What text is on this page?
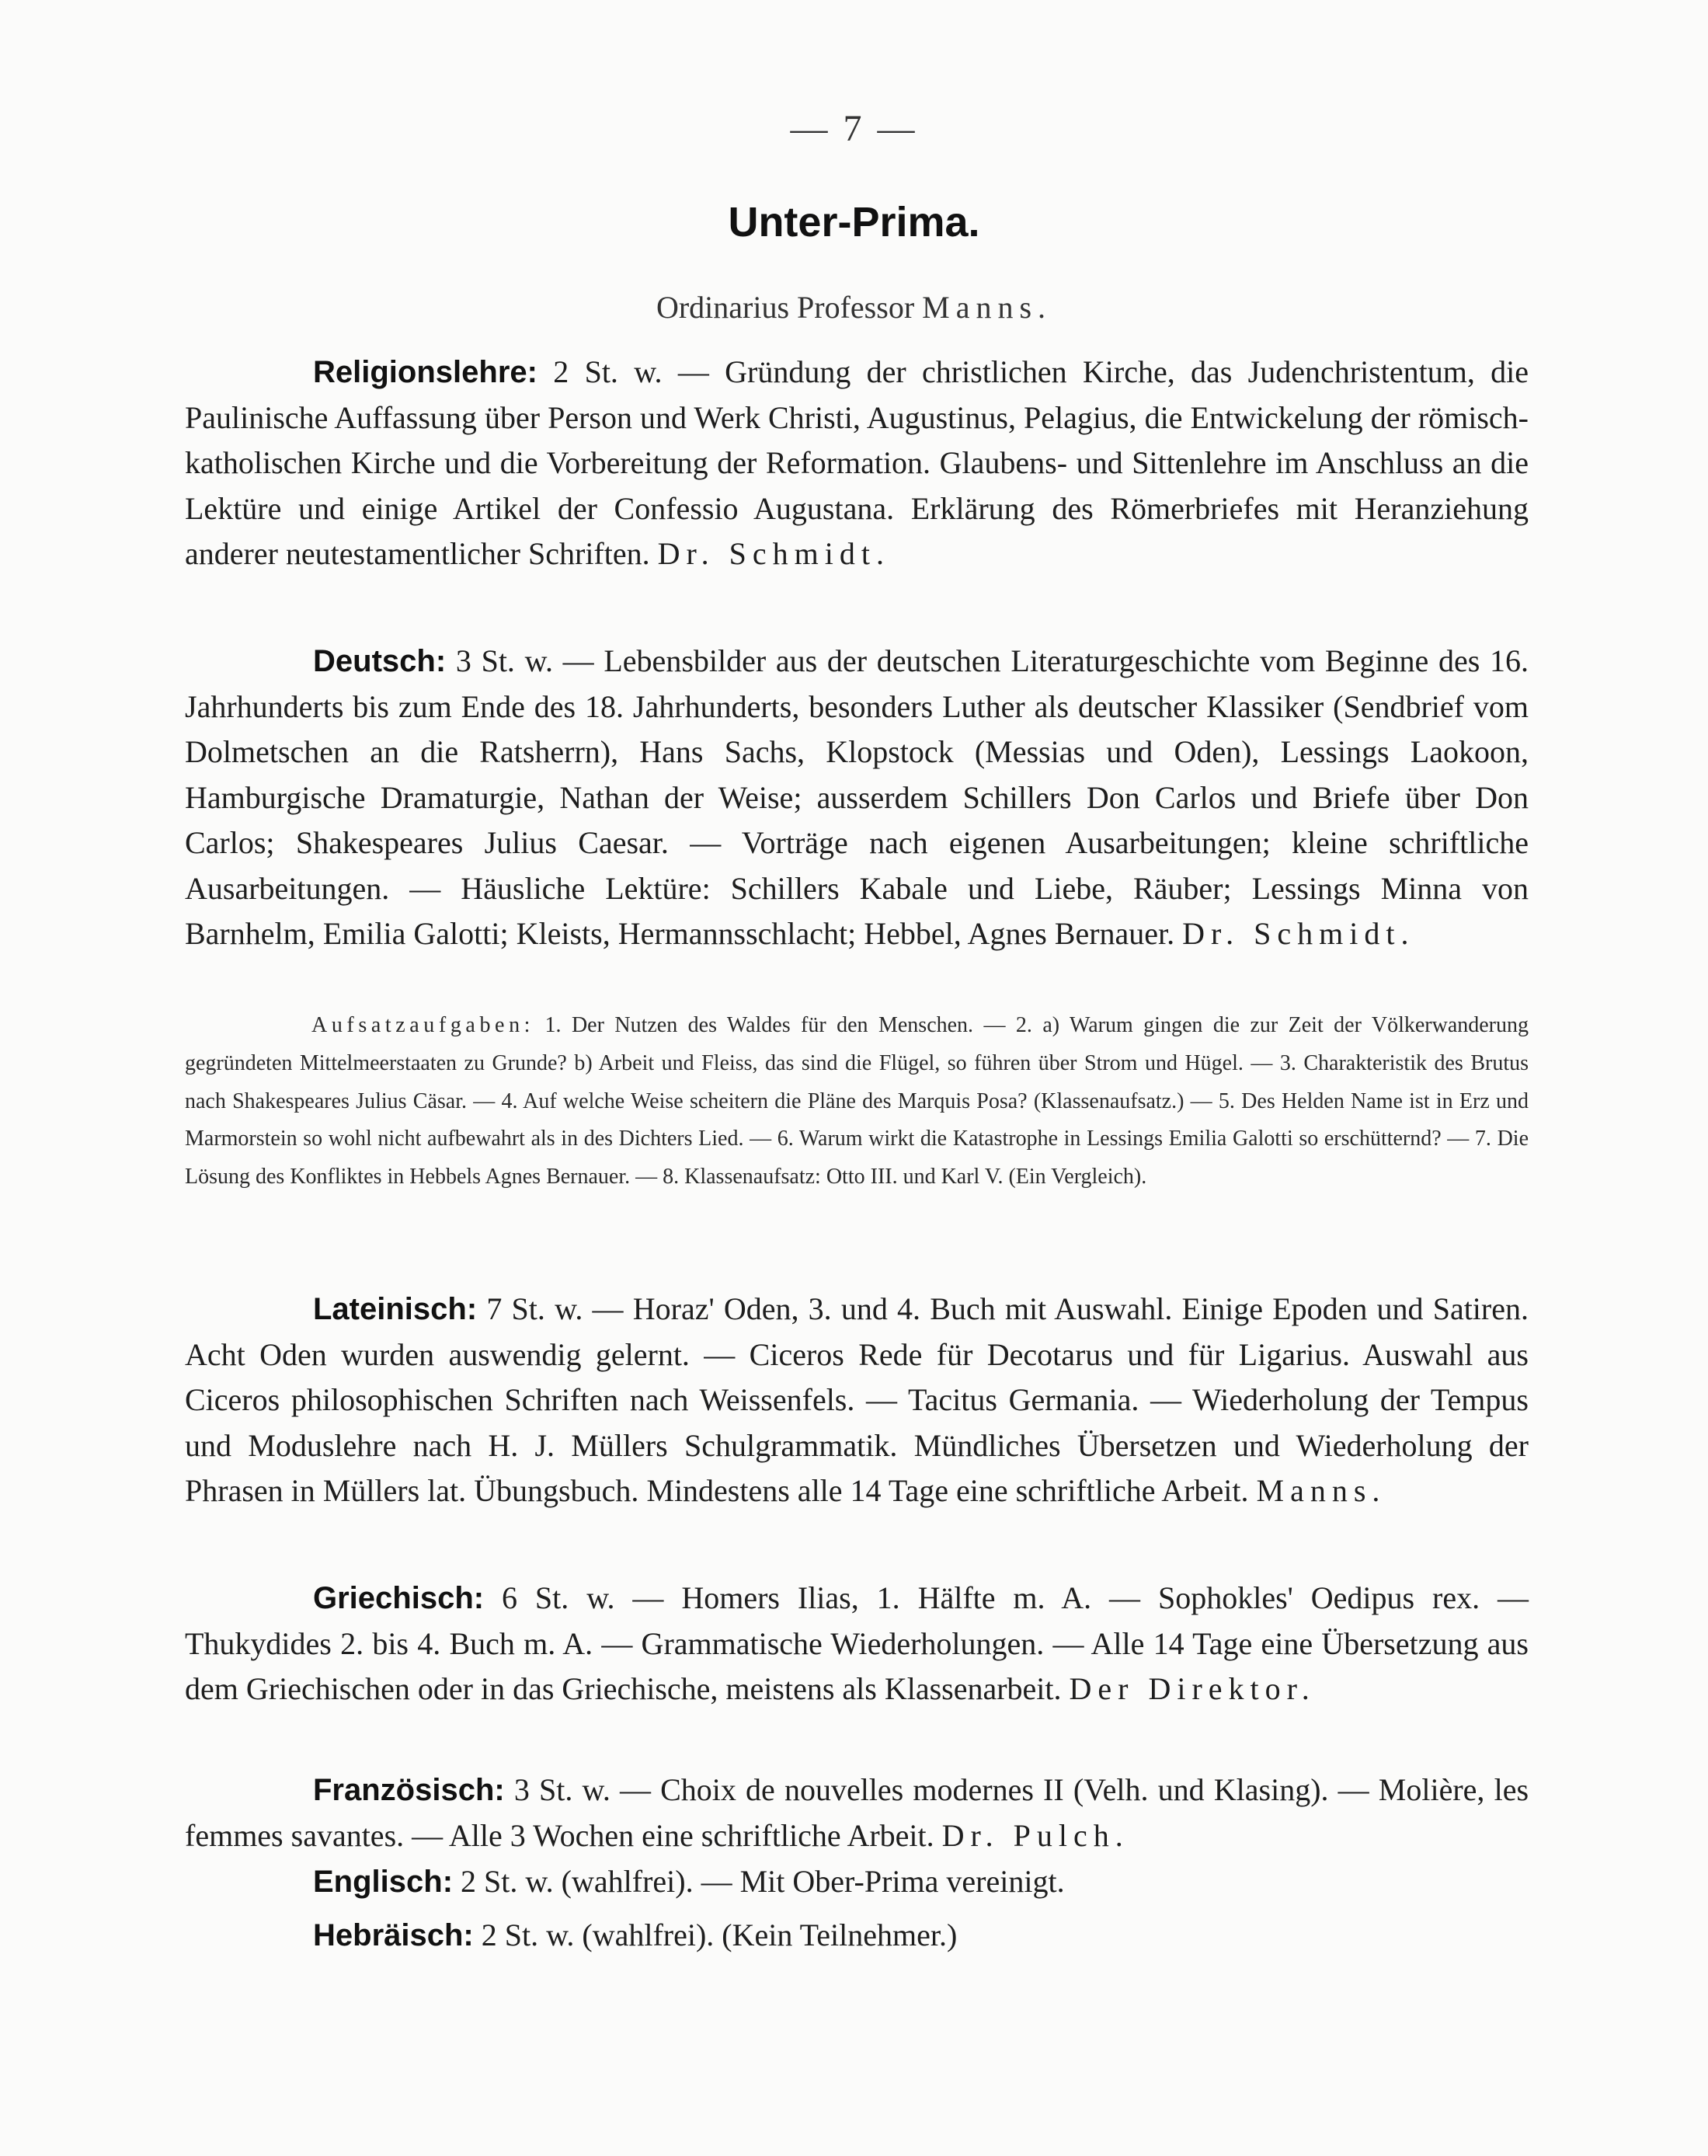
— 7 —
Unter-Prima.
Ordinarius Professor Manns.

Religionslehre: 2 St. w. — Gründung der christlichen Kirche, das Judenchristentum, die Paulinische Auffassung über Person und Werk Christi, Augustinus, Pelagius, die Entwickelung der römisch-katholischen Kirche und die Vorbereitung der Reformation. Glaubens- und Sittenlehre im Anschluss an die Lektüre und einige Artikel der Confessio Augustana. Erklärung des Römerbriefes mit Heranziehung anderer neutestamentlicher Schriften. Dr. Schmidt.

Deutsch: 3 St. w. — Lebensbilder aus der deutschen Literaturgeschichte vom Beginne des 16. Jahrhunderts bis zum Ende des 18. Jahrhunderts, besonders Luther als deutscher Klassiker (Sendbrief vom Dolmetschen an die Ratsherrn), Hans Sachs, Klopstock (Messias und Oden), Lessings Laokoon, Hamburgische Dramaturgie, Nathan der Weise; ausserdem Schillers Don Carlos und Briefe über Don Carlos; Shakespeares Julius Caesar. — Vorträge nach eigenen Ausarbeitungen; kleine schriftliche Ausarbeitungen. — Häusliche Lektüre: Schillers Kabale und Liebe, Räuber; Lessings Minna von Barnhelm, Emilia Galotti; Kleists, Hermannsschlacht; Hebbel, Agnes Bernauer. Dr. Schmidt.

Aufsatzaufgaben: 1. Der Nutzen des Waldes für den Menschen. — 2. a) Warum gingen die zur Zeit der Völkerwanderung gegründeten Mittelmeerstaaten zu Grunde? b) Arbeit und Fleiss, das sind die Flügel, so führen über Strom und Hügel. — 3. Charakteristik des Brutus nach Shakespeares Julius Cäsar. — 4. Auf welche Weise scheitern die Pläne des Marquis Posa? (Klassenaufsatz.) — 5. Des Helden Name ist in Erz und Marmorstein so wohl nicht aufbewahrt als in des Dichters Lied. — 6. Warum wirkt die Katastrophe in Lessings Emilia Galotti so erschütternd? — 7. Die Lösung des Konfliktes in Hebbels Agnes Bernauer. — 8. Klassenaufsatz: Otto III. und Karl V. (Ein Vergleich).

Lateinisch: 7 St. w. — Horaz' Oden, 3. und 4. Buch mit Auswahl. Einige Epoden und Satiren. Acht Oden wurden auswendig gelernt. — Ciceros Rede für Decotarus und für Ligarius. Auswahl aus Ciceros philosophischen Schriften nach Weissenfels. — Tacitus Germania. — Wiederholung der Tempus und Moduslehre nach H. J. Müllers Schulgrammatik. Mündliches Übersetzen und Wiederholung der Phrasen in Müllers lat. Übungsbuch. Mindestens alle 14 Tage eine schriftliche Arbeit. Manns.

Griechisch: 6 St. w. — Homers Ilias, 1. Hälfte m. A. — Sophokles' Oedipus rex. — Thukydides 2. bis 4. Buch m. A. — Grammatische Wiederholungen. — Alle 14 Tage eine Übersetzung aus dem Griechischen oder in das Griechische, meistens als Klassenarbeit. Der Direktor.

Französisch: 3 St. w. — Choix de nouvelles modernes II (Velh. und Klasing). — Molière, les femmes savantes. — Alle 3 Wochen eine schriftliche Arbeit. Dr. Pulch.

Englisch: 2 St. w. (wahlfrei). — Mit Ober-Prima vereinigt.

Hebräisch: 2 St. w. (wahlfrei). (Kein Teilnehmer.)
